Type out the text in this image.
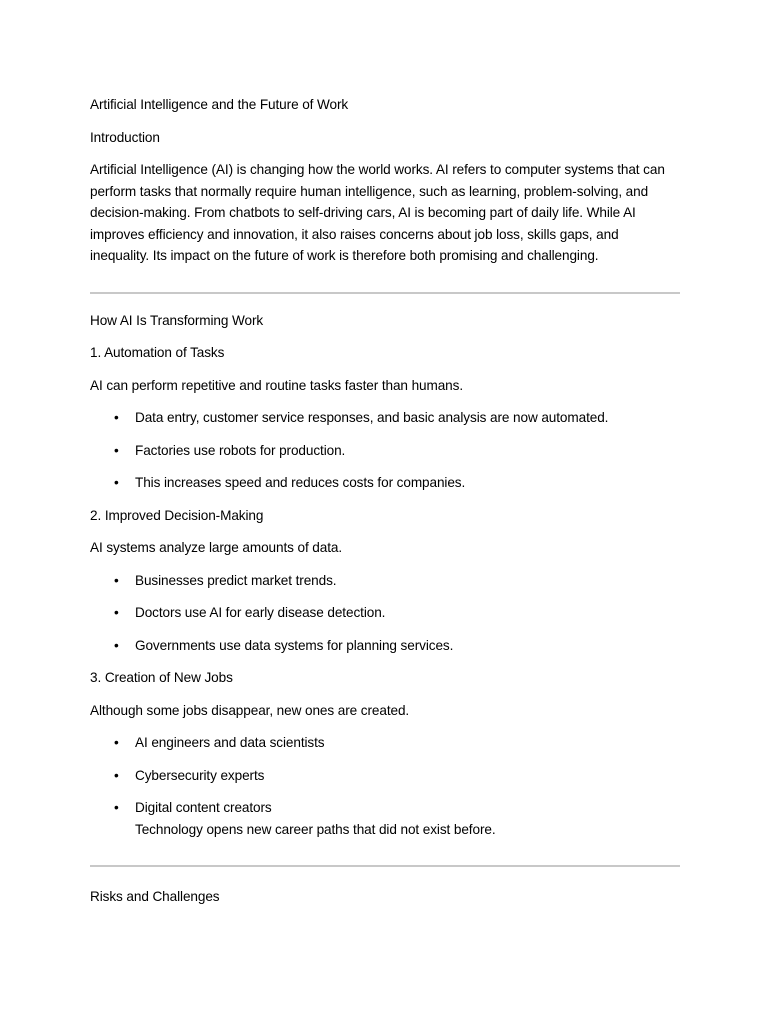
Artificial Intelligence and the Future of Work

Introduction

Artificial Intelligence (AI) is changing how the world works. AI refers to computer systems that can perform tasks that normally require human intelligence, such as learning, problem-solving, and decision-making. From chatbots to self-driving cars, AI is becoming part of daily life. While AI improves efficiency and innovation, it also raises concerns about job loss, skills gaps, and inequality. Its impact on the future of work is therefore both promising and challenging.

How AI Is Transforming Work

1. Automation of Tasks

AI can perform repetitive and routine tasks faster than humans.

• Data entry, customer service responses, and basic analysis are now automated.
• Factories use robots for production.
• This increases speed and reduces costs for companies.

2. Improved Decision-Making

AI systems analyze large amounts of data.

• Businesses predict market trends.
• Doctors use AI for early disease detection.
• Governments use data systems for planning services.

3. Creation of New Jobs

Although some jobs disappear, new ones are created.

• AI engineers and data scientists
• Cybersecurity experts
• Digital content creators
Technology opens new career paths that did not exist before.

Risks and Challenges
